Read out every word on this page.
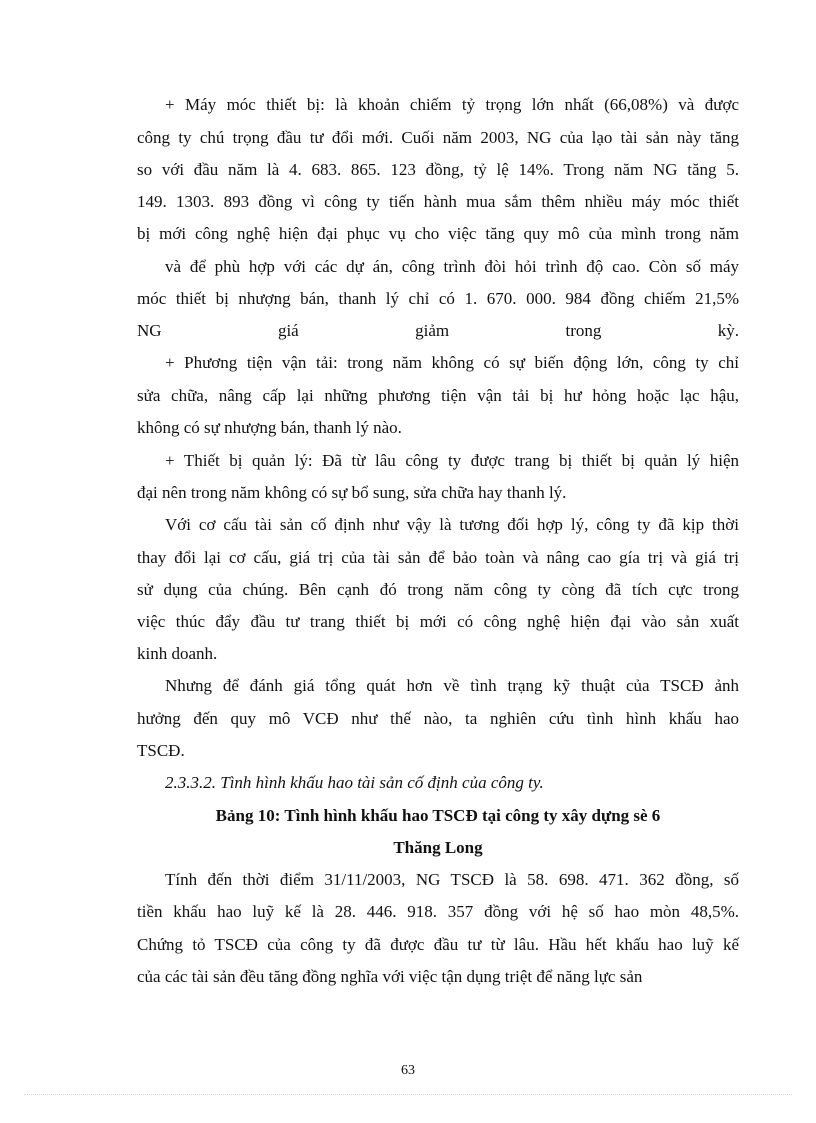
+ Máy móc thiết bị: là khoản chiếm tỷ trọng lớn nhất (66,08%) và được
công ty chú trọng đầu tư đổi mới. Cuối năm 2003, NG của lạo tài sản này tăng
so với đầu năm là 4. 683. 865. 123 đồng, tỷ lệ 14%. Trong năm NG tăng 5.
149. 1303. 893 đồng vì công ty tiến hành mua sắm thêm nhiều máy móc thiết
bị mới công nghệ hiện đại phục vụ cho việc tăng quy mô của mình trong năm
và để phù hợp với các dự án, công trình đòi hỏi trình độ cao. Còn số máy
móc thiết bị nhượng bán, thanh lý chỉ có 1. 670. 000. 984 đồng chiếm 21,5%
NG giá giảm trong kỳ.
+ Phương tiện vận tải: trong năm không có sự biến động lớn, công ty chỉ
sửa chữa, nâng cấp lại những phương tiện vận tải bị hư hỏng hoặc lạc hậu,
không có sự nhượng bán, thanh lý nào.
+ Thiết bị quản lý: Đã từ lâu công ty được trang bị thiết bị quản lý hiện
đại nên trong năm không có sự bổ sung, sửa chữa hay thanh lý.
Với cơ cấu tài sản cố định như vậy là tương đối hợp lý, công ty đã kịp thời
thay đổi lại cơ cấu, giá trị của tài sản để bảo toàn và nâng cao gía trị và giá trị
sử dụng của chúng. Bên cạnh đó trong năm công ty còng đã tích cực trong
việc thúc đẩy đầu tư trang thiết bị mới có công nghệ hiện đại vào sản xuất
kinh doanh.
Nhưng để đánh giá tổng quát hơn về tình trạng kỹ thuật của TSCĐ ảnh
hưởng đến quy mô VCĐ như thế nào, ta nghiên cứu tình hình khấu hao
TSCĐ.
2.3.3.2. Tình hình khấu hao tài sản cố định của công ty.
Bảng 10: Tình hình khấu hao TSCĐ tại công ty xây dựng sè 6
Thăng Long
Tính đến thời điểm 31/11/2003, NG TSCĐ là 58. 698. 471. 362 đồng, số
tiền khấu hao luỹ kế là 28. 446. 918. 357 đồng với hệ số hao mòn 48,5%.
Chứng tỏ TSCĐ của công ty đã được đầu tư từ lâu. Hầu hết khấu hao luỹ kế
của các tài sản đều tăng đồng nghĩa với việc tận dụng triệt để năng lực sản
63
